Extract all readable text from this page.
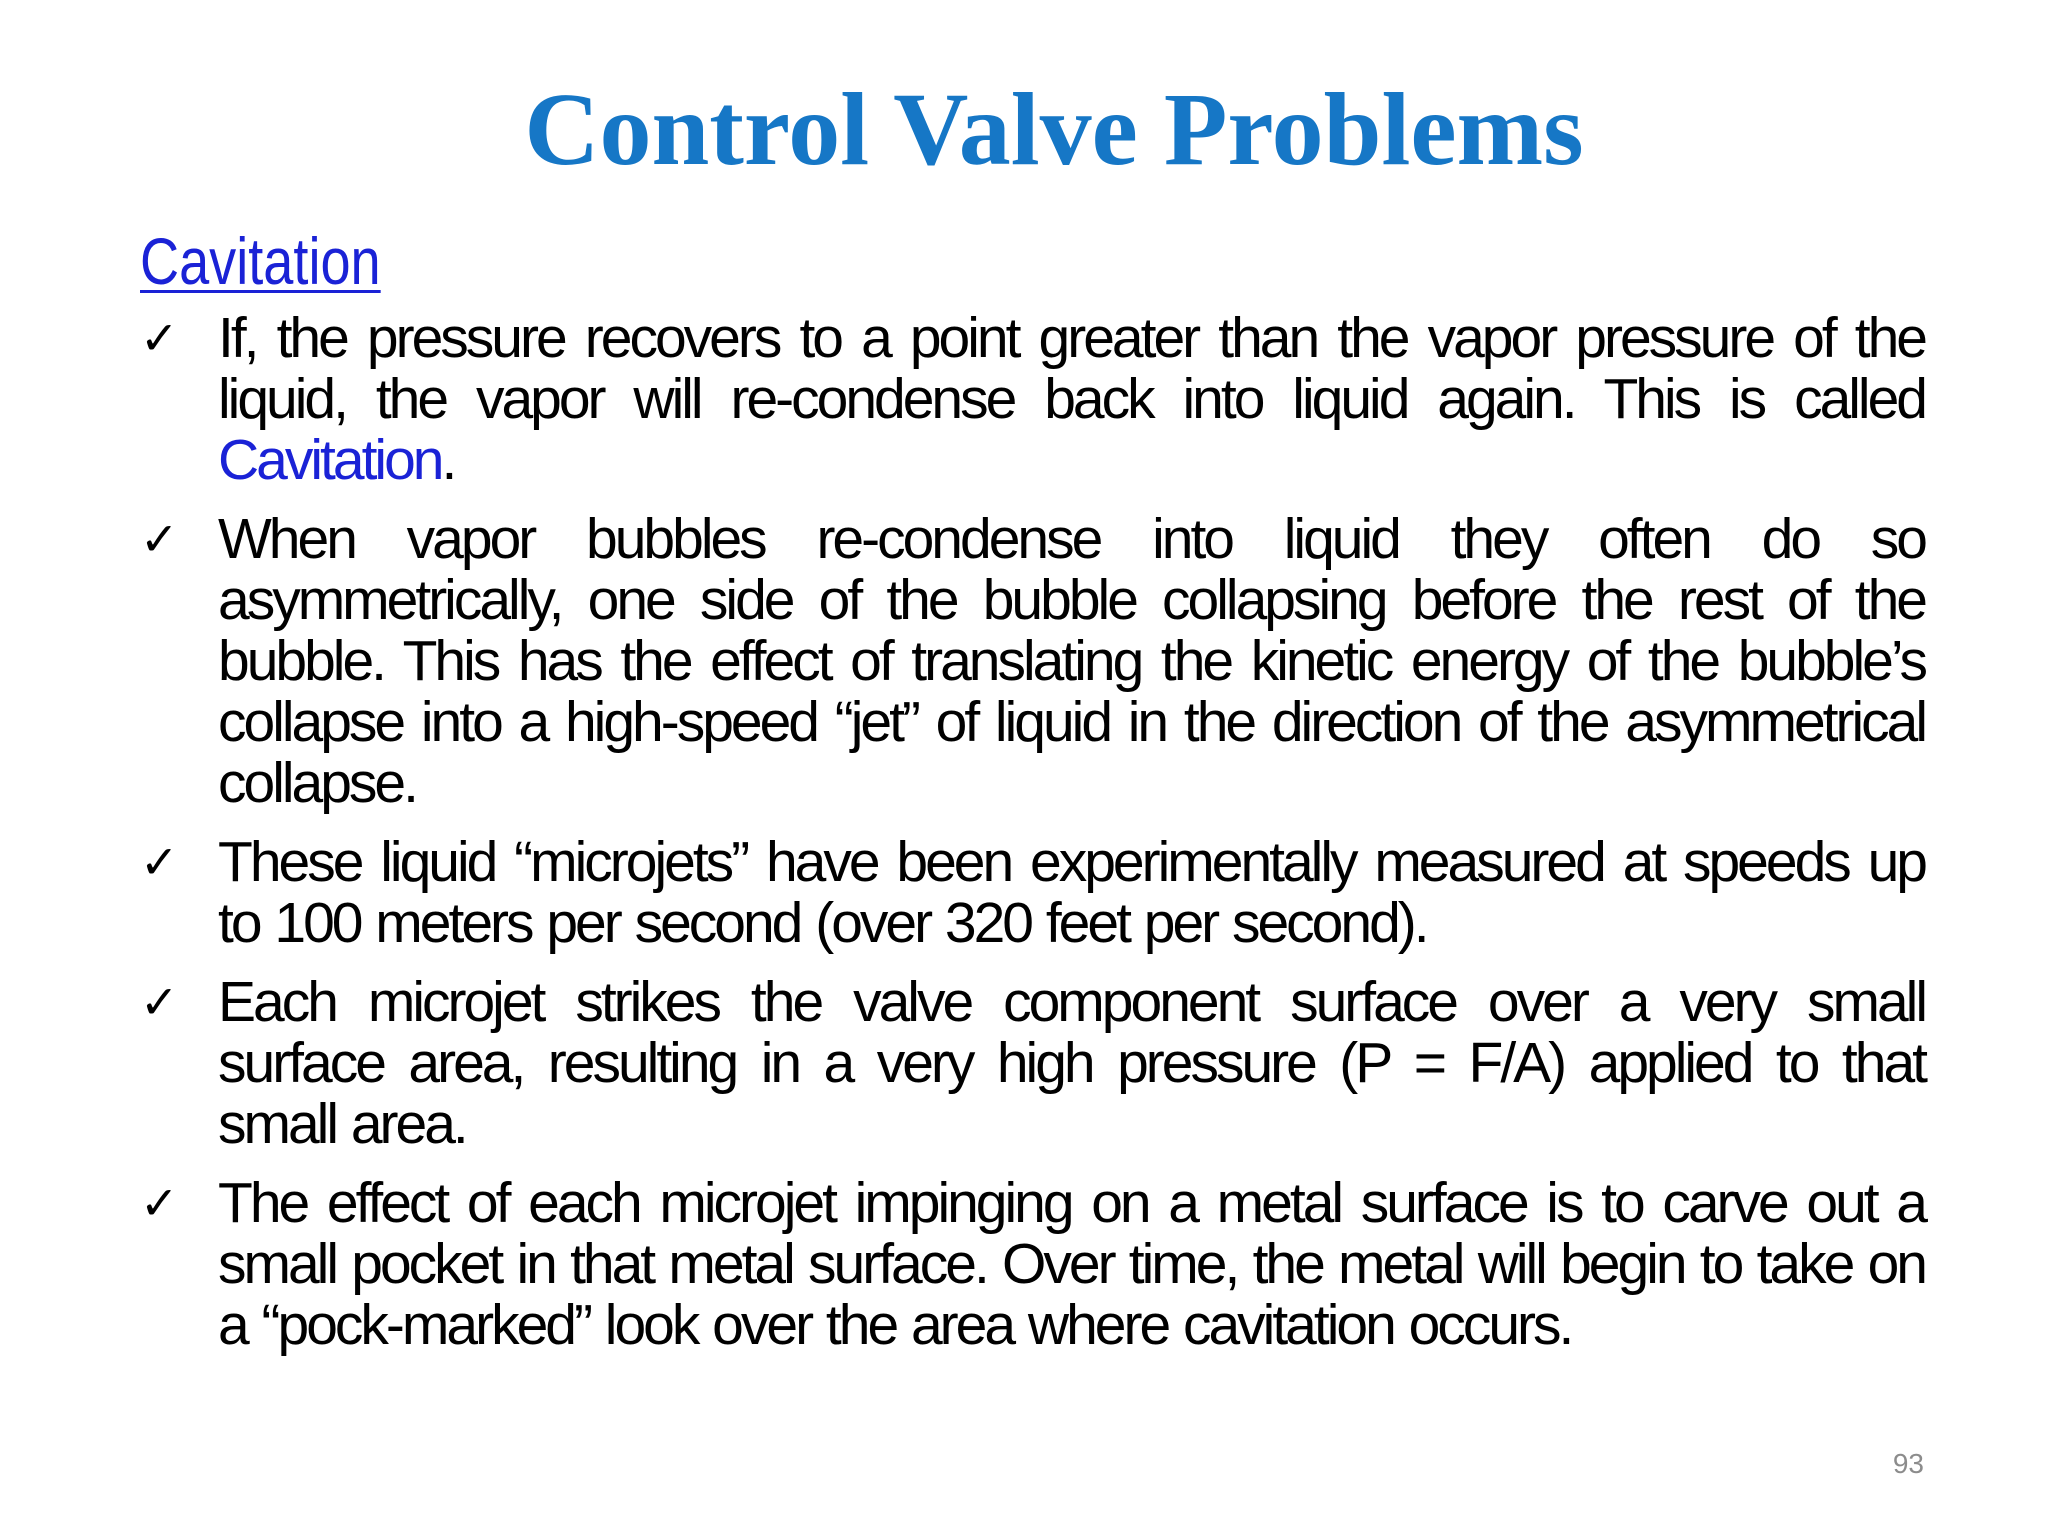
Control Valve Problems
Cavitation
✓ If, the pressure recovers to a point greater than the vapor pressure of the liquid, the vapor will re-condense back into liquid again. This is called Cavitation.
✓ When vapor bubbles re-condense into liquid they often do so asymmetrically, one side of the bubble collapsing before the rest of the bubble. This has the effect of translating the kinetic energy of the bubble’s collapse into a high-speed “jet” of liquid in the direction of the asymmetrical collapse.
✓ These liquid “microjets” have been experimentally measured at speeds up to 100 meters per second (over 320 feet per second).
✓ Each microjet strikes the valve component surface over a very small surface area, resulting in a very high pressure (P = F/A) applied to that small area.
✓ The effect of each microjet impinging on a metal surface is to carve out a small pocket in that metal surface. Over time, the metal will begin to take on a “pock-marked” look over the area where cavitation occurs.
93
